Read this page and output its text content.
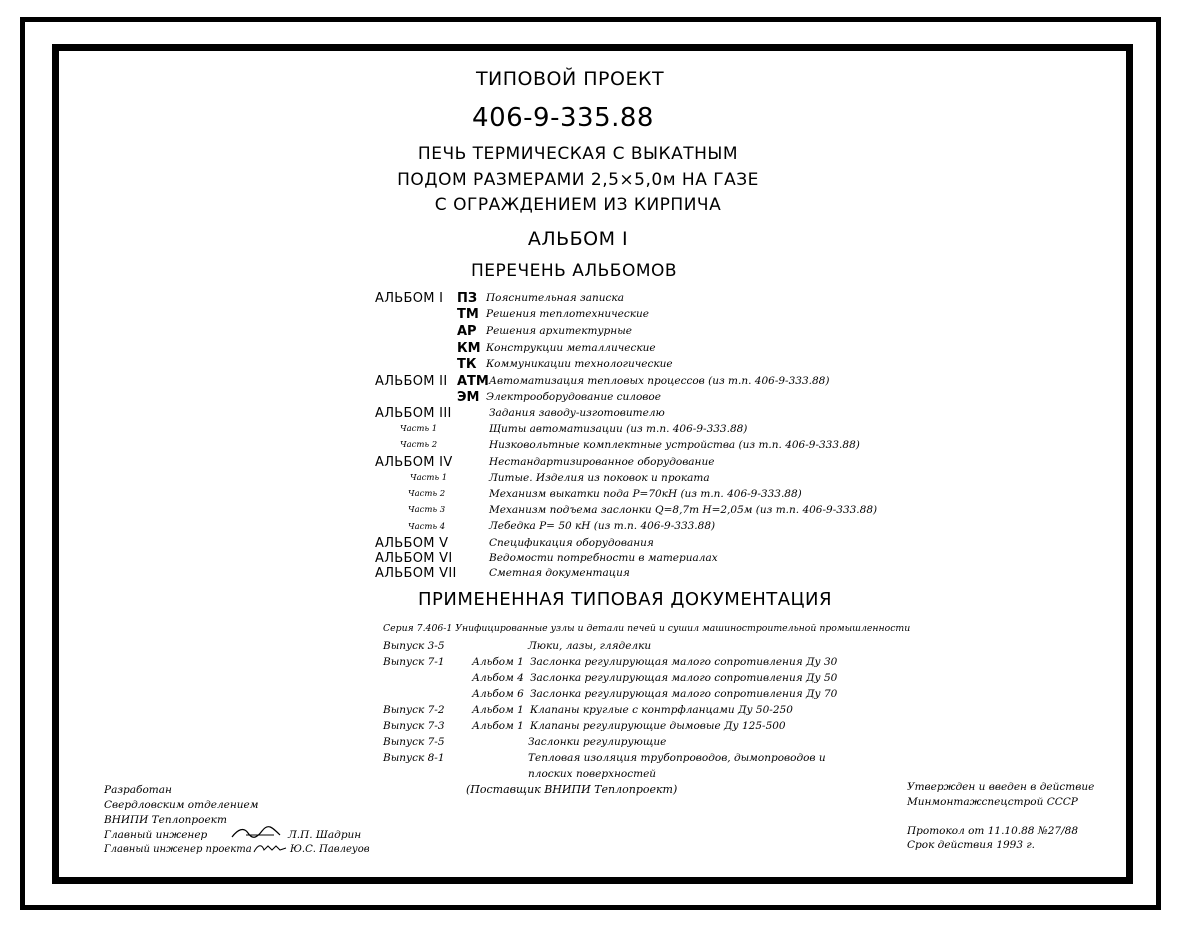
ТИПОВОЙ ПРОЕКТ
406-9-335.88
ПЕЧЬ ТЕРМИЧЕСКАЯ С ВЫКАТНЫМ
ПОДОМ РАЗМЕРАМИ 2,5×5,0м НА ГАЗЕ
С ОГРАЖДЕНИЕМ ИЗ КИРПИЧА
АЛЬБОМ I
ПЕРЕЧЕНЬ АЛЬБОМОВ
АЛЬБОМ I ПЗ Пояснительная записка
ТМ Решения теплотехнические
АР Решения архитектурные
КМ Конструкции металлические
ТК Коммуникации технологические
АЛЬБОМ II АТМ Автоматизация тепловых процессов (из т.п. 406-9-333.88)
ЭМ Электрооборудование силовое
АЛЬБОМ III	Задания заводу-изготовителю
Часть 1	Щиты автоматизации (из т.п. 406-9-333.88)
Часть 2	Низковольтные комплектные устройства (из т.п. 406-9-333.88)
АЛЬБОМ IV	Нестандартизированное оборудование
Часть 1	Литые. Изделия из поковок и проката
Часть 2	Механизм выкатки пода P=70кН (из т.п. 406-9-333.88)
Часть 3	Механизм подъема заслонки Q=8,7т H=2,05м (из т.п. 406-9-333.88)
Часть 4	Лебедка P= 50 кН (из т.п. 406-9-333.88)
АЛЬБОМ V	Спецификация оборудования
АЛЬБОМ VI	Ведомости потребности в материалах
АЛЬБОМ VII	Сметная документация
ПРИМЕНЕННАЯ ТИПОВАЯ ДОКУМЕНТАЦИЯ
Серия 7.406-1 Унифицированные узлы и детали печей и сушил машиностроительной промышленности
Выпуск 3-5	Люки, лазы, гляделки
Выпуск 7-1	Альбом 1 Заслонка регулирующая малого сопротивления Ду 30
Альбом 4 Заслонка регулирующая малого сопротивления Ду 50
Альбом 6 Заслонка регулирующая малого сопротивления Ду 70
Выпуск 7-2	Альбом 1 Клапаны круглые с контрфланцами Ду 50-250
Выпуск 7-3	Альбом 1 Клапаны регулирующие дымовые Ду 125-500
Выпуск 7-5	Заслонки регулирующие
Выпуск 8-1	Тепловая изоляция трубопроводов, дымопроводов и
плоских поверхностей
(Поставщик ВНИПИ Теплопроект)
Разработан
Свердловским отделением
ВНИПИ Теплопроект
Главный инженер	Л.П. Шадрин
Главный инженер проекта	Ю.С. Павлеуов
Утвержден и введен в действие
Минмонтажспецстрой СССР
Протокол от 11.10.88 №27/88
Срок действия 1993 г.
